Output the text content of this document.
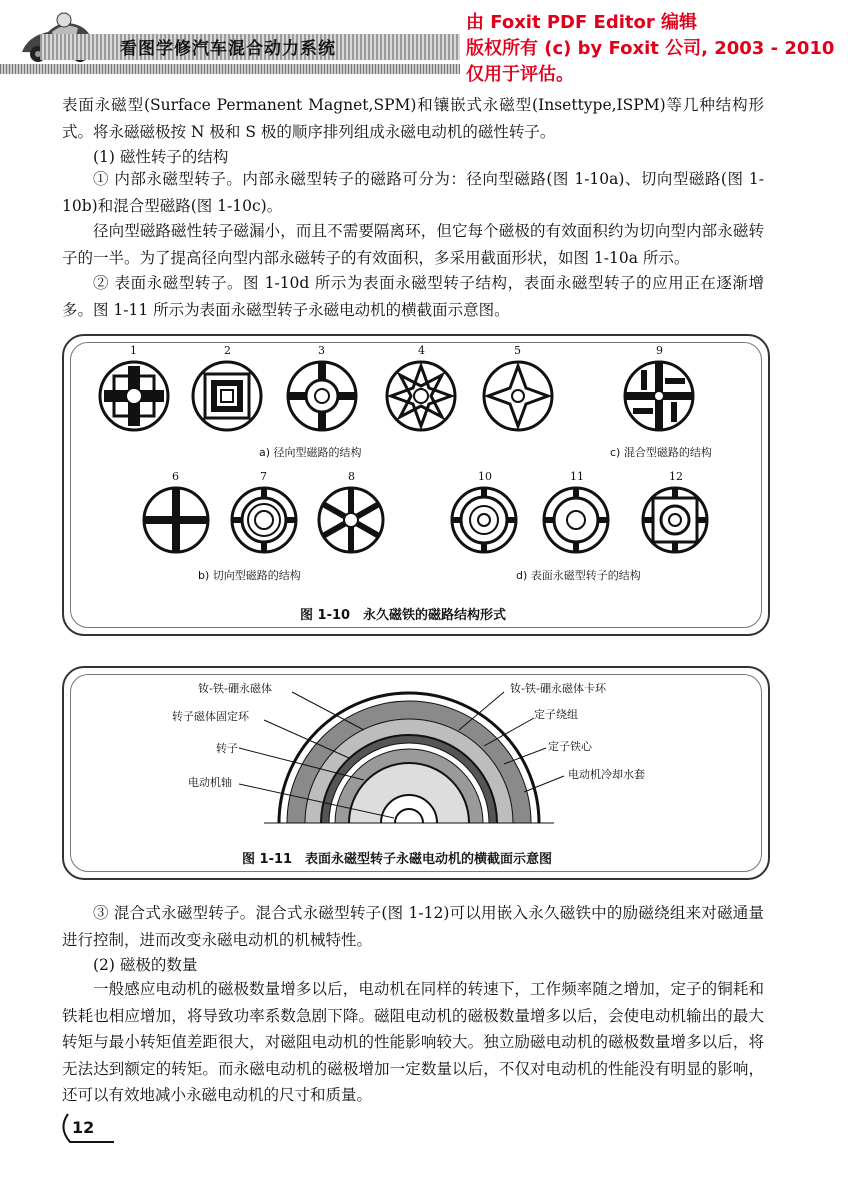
看图学修汽车混合动力系统
由 Foxit PDF Editor 编辑
版权所有 (c) by Foxit 公司, 2003 - 2010
仅用于评估。
表面永磁型(Surface Permanent Magnet,SPM)和镶嵌式永磁型(Insettype,ISPM)等几种结构形式。将永磁磁极按 N 极和 S 极的顺序排列组成永磁电动机的磁性转子。
(1) 磁性转子的结构
① 内部永磁型转子。内部永磁型转子的磁路可分为：径向型磁路(图 1-10a)、切向型磁路(图 1-10b)和混合型磁路(图 1-10c)。
径向型磁路磁性转子磁漏小，而且不需要隔离环，但它每个磁极的有效面积约为切向型内部永磁转子的一半。为了提高径向型内部永磁转子的有效面积，多采用截面形状，如图 1-10a 所示。
② 表面永磁型转子。图 1-10d 所示为表面永磁型转子结构，表面永磁型转子的应用正在逐渐增多。图 1-11 所示为表面永磁型转子永磁电动机的横截面示意图。
1	2	3	4	5	9
a) 径向型磁路的结构	c) 混合型磁路的结构
6	7	8	10	11	12
b) 切向型磁路的结构	d) 表面永磁型转子的结构
图 1-10　永久磁铁的磁路结构形式
钕-铁-硼永磁体
转子磁体固定环
转子
电动机轴
钕-铁-硼永磁体卡环
定子绕组
定子铁心
电动机冷却水套
图 1-11　表面永磁型转子永磁电动机的横截面示意图
③ 混合式永磁型转子。混合式永磁型转子(图 1-12)可以用嵌入永久磁铁中的励磁绕组来对磁通量进行控制，进而改变永磁电动机的机械特性。
(2) 磁极的数量
一般感应电动机的磁极数量增多以后，电动机在同样的转速下，工作频率随之增加，定子的铜耗和铁耗也相应增加，将导致功率系数急剧下降。磁阻电动机的磁极数量增多以后，会使电动机输出的最大转矩与最小转矩值差距很大，对磁阻电动机的性能影响较大。独立励磁电动机的磁极数量增多以后，将无法达到额定的转矩。而永磁电动机的磁极增加一定数量以后，不仅对电动机的性能没有明显的影响，还可以有效地减小永磁电动机的尺寸和质量。
12
